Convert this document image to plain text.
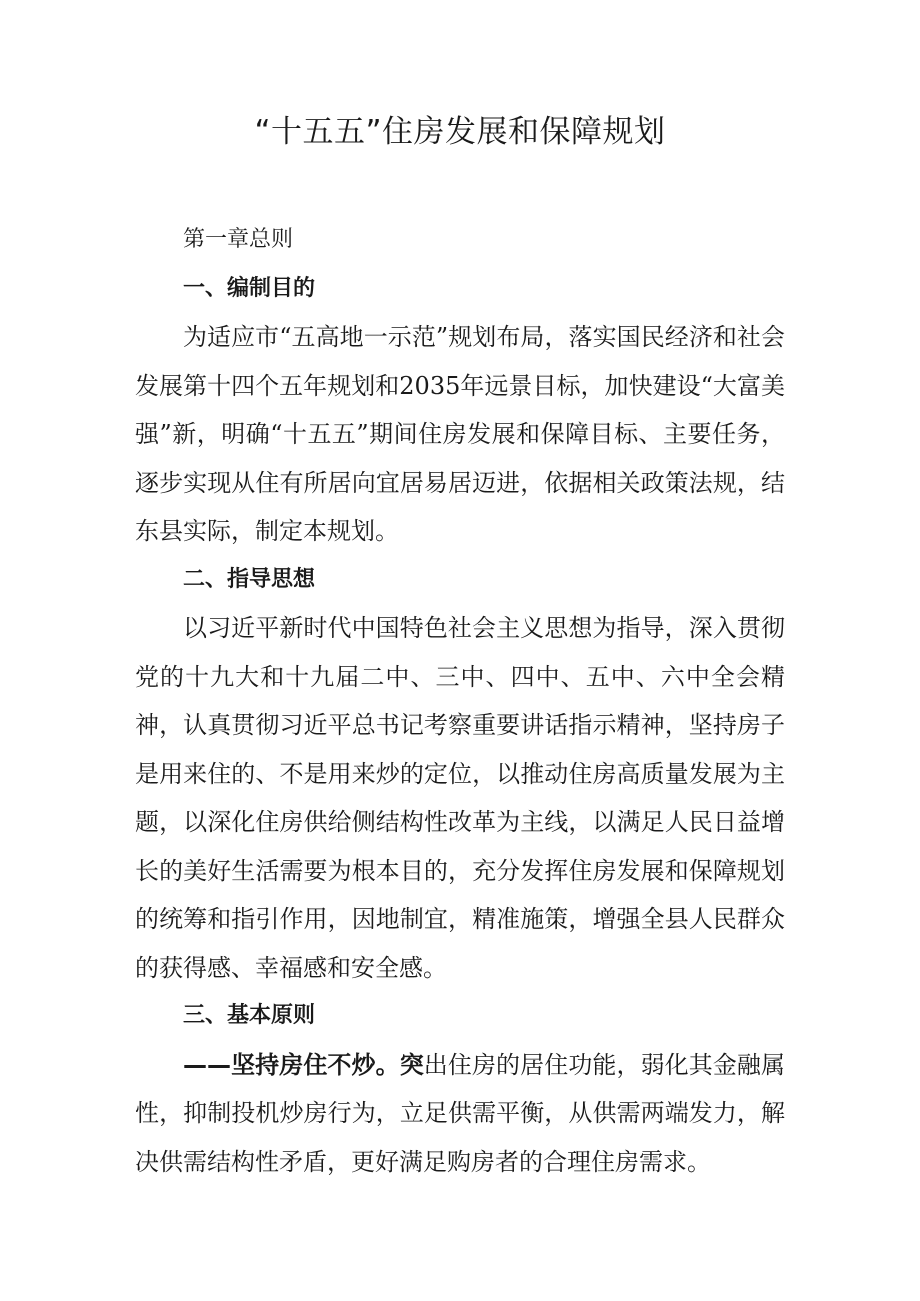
“十五五”住房发展和保障规划

第一章总则

一、编制目的

为适应市“五高地一示范”规划布局，落实国民经济和社会发展第十四个五年规划和2035年远景目标，加快建设“大富美强”新，明确“十五五”期间住房发展和保障目标、主要任务，逐步实现从住有所居向宜居易居迈进，依据相关政策法规，结东县实际，制定本规划。

二、指导思想

以习近平新时代中国特色社会主义思想为指导，深入贯彻党的十九大和十九届二中、三中、四中、五中、六中全会精神，认真贯彻习近平总书记考察重要讲话指示精神，坚持房子是用来住的、不是用来炒的定位，以推动住房高质量发展为主题，以深化住房供给侧结构性改革为主线，以满足人民日益增长的美好生活需要为根本目的，充分发挥住房发展和保障规划的统筹和指引作用，因地制宜，精准施策，增强全县人民群众的获得感、幸福感和安全感。

三、基本原则

——坚持房住不炒。突出住房的居住功能，弱化其金融属性，抑制投机炒房行为，立足供需平衡，从供需两端发力，解决供需结构性矛盾，更好满足购房者的合理住房需求。
